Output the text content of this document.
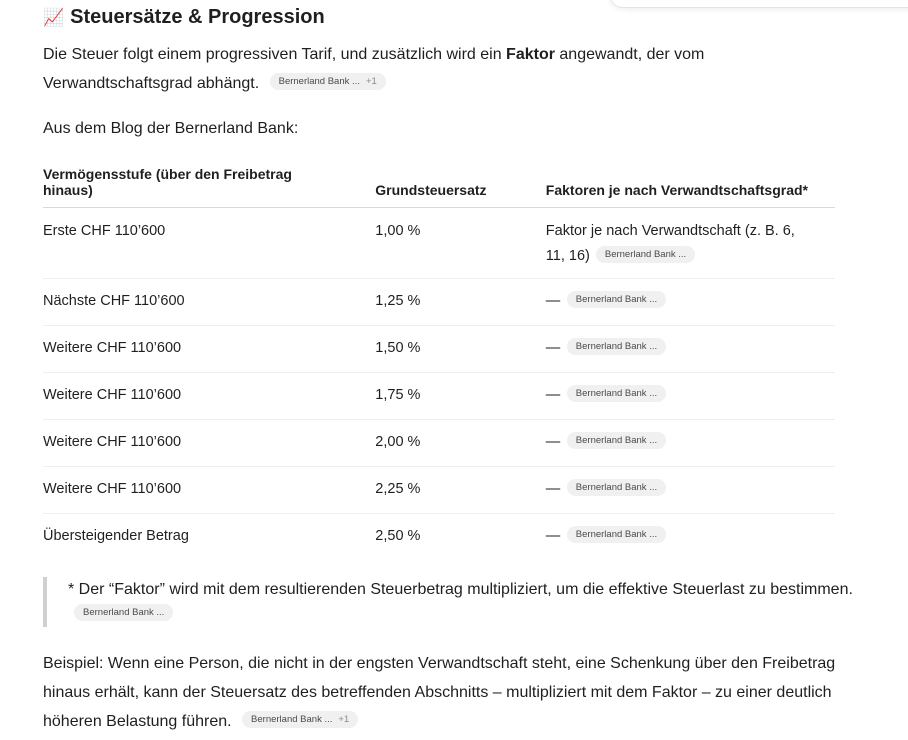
📈 Steuersätze & Progression

Die Steuer folgt einem progressiven Tarif, und zusätzlich wird ein Faktor angewandt, der vom Verwandtschaftsgrad abhängt. Bernerland Bank ... +1

Aus dem Blog der Bernerland Bank:

Vermögensstufe (über den Freibetrag hinaus)	Grundsteuersatz	Faktoren je nach Verwandtschaftsgrad*
Erste CHF 110’600	1,00 %	Faktor je nach Verwandtschaft (z. B. 6, 11, 16) Bernerland Bank ...
Nächste CHF 110’600	1,25 %	— Bernerland Bank ...
Weitere CHF 110’600	1,50 %	— Bernerland Bank ...
Weitere CHF 110’600	1,75 %	— Bernerland Bank ...
Weitere CHF 110’600	2,00 %	— Bernerland Bank ...
Weitere CHF 110’600	2,25 %	— Bernerland Bank ...
Übersteigender Betrag	2,50 %	— Bernerland Bank ...
* Der “Faktor” wird mit dem resultierenden Steuerbetrag multipliziert, um die effektive Steuerlast zu bestimmen. Bernerland Bank ...

Beispiel: Wenn eine Person, die nicht in der engsten Verwandtschaft steht, eine Schenkung über den Freibetrag hinaus erhält, kann der Steuersatz des betreffenden Abschnitts – multipliziert mit dem Faktor – zu einer deutlich höheren Belastung führen. Bernerland Bank ... +1
